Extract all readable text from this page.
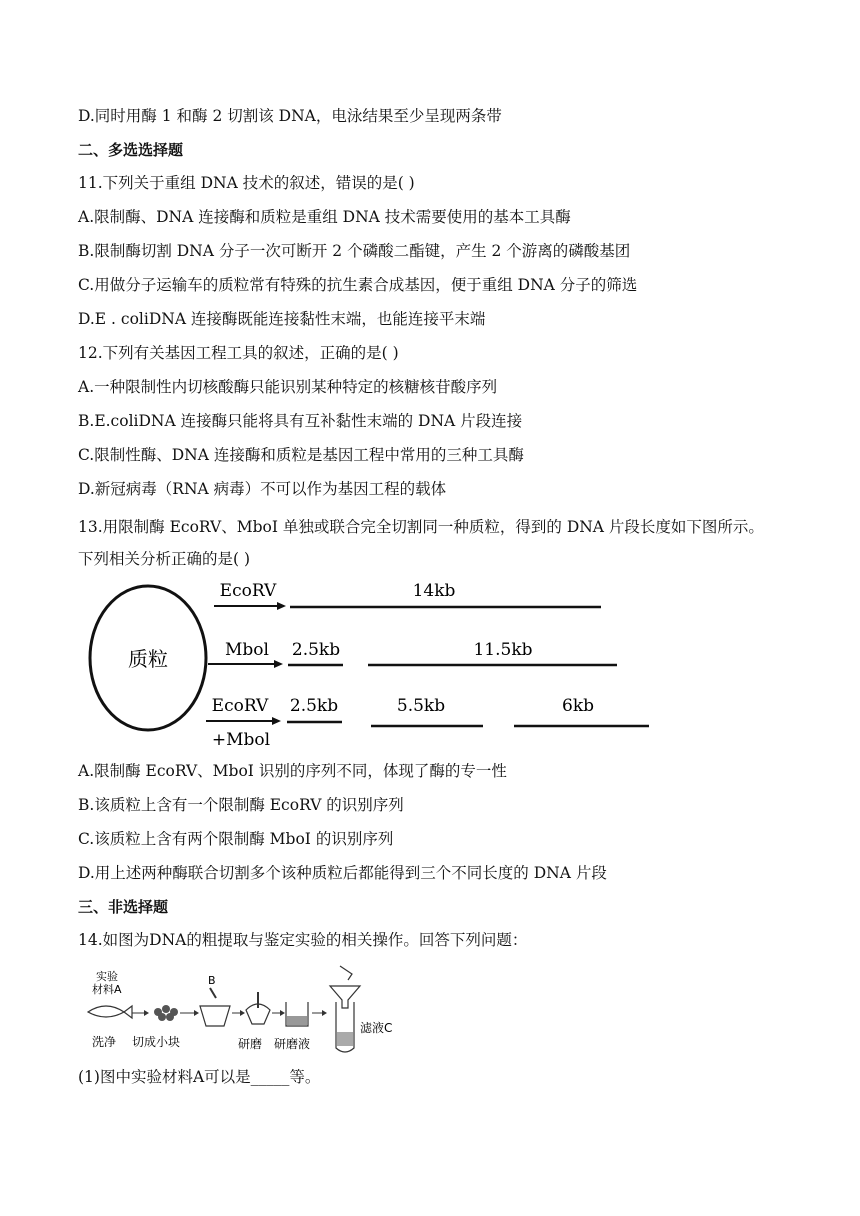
D.同时用酶 1 和酶 2 切割该 DNA，电泳结果至少呈现两条带
二、多选选择题
11.下列关于重组 DNA 技术的叙述，错误的是( )
A.限制酶、DNA 连接酶和质粒是重组 DNA 技术需要使用的基本工具酶
B.限制酶切割 DNA 分子一次可断开 2 个磷酸二酯键，产生 2 个游离的磷酸基团
C.用做分子运输车的质粒常有特殊的抗生素合成基因，便于重组 DNA 分子的筛选
D.E . coliDNA 连接酶既能连接黏性末端，也能连接平末端
12.下列有关基因工程工具的叙述，正确的是( )
A.一种限制性内切核酸酶只能识别某种特定的核糖核苷酸序列
B.E.coliDNA 连接酶只能将具有互补黏性末端的 DNA 片段连接
C.限制性酶、DNA 连接酶和质粒是基因工程中常用的三种工具酶
D.新冠病毒（RNA 病毒）不可以作为基因工程的载体
13.用限制酶 EcoRV、MboI 单独或联合完全切割同一种质粒，得到的 DNA 片段长度如下图所示。下列相关分析正确的是( )
质粒
EcoRV	14kb
Mbol 2.5kb	11.5kb
EcoRV
+Mbol
2.5kb	5.5kb	6kb
A.限制酶 EcoRV、MboI 识别的序列不同，体现了酶的专一性
B.该质粒上含有一个限制酶 EcoRV 的识别序列
C.该质粒上含有两个限制酶 MboI 的识别序列
D.用上述两种酶联合切割多个该种质粒后都能得到三个不同长度的 DNA 片段
三、非选择题
14.如图为DNA的粗提取与鉴定实验的相关操作。回答下列问题：
实验
材料A
B
洗净 切成小块	研磨 研磨液
滤液C
(1)图中实验材料A可以是_____等。
